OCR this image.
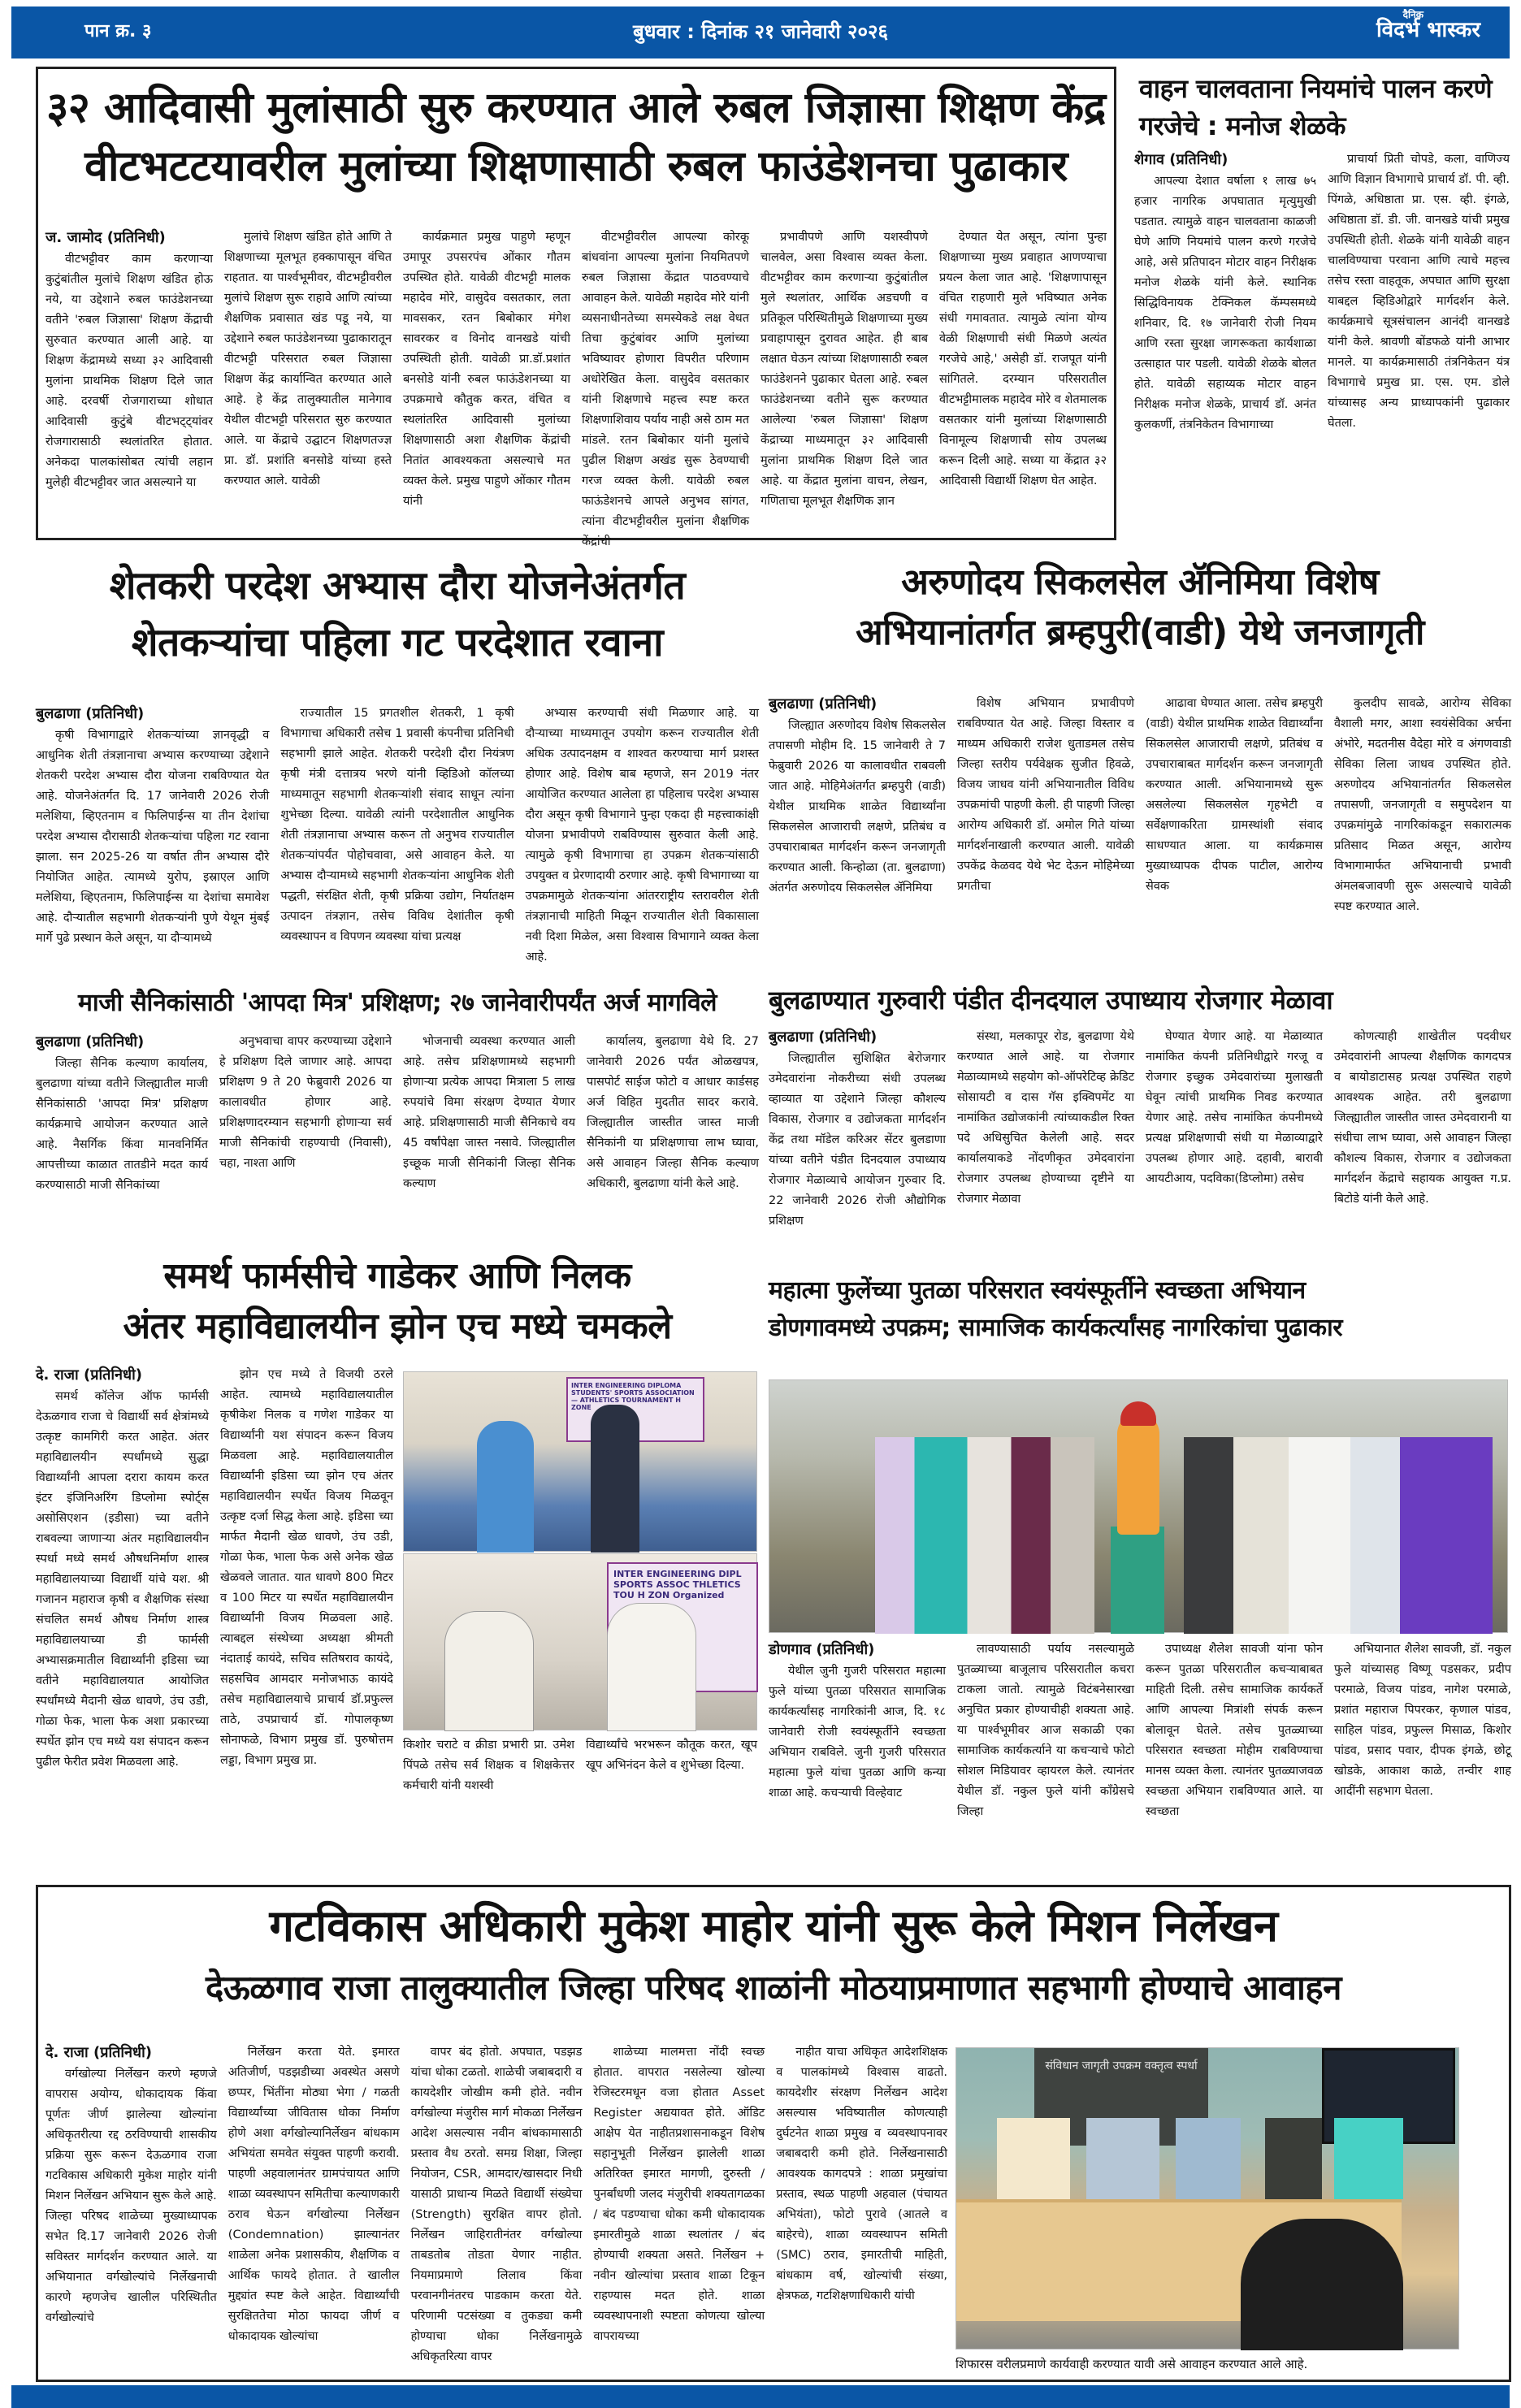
पान क्र. ३	बुधवार : दिनांक २१ जानेवारी २०२६
दैनिक
विदर्भ भास्कर
३२ आदिवासी मुलांसाठी सुरु करण्यात आले रुबल जिज्ञासा शिक्षण केंद्र
वीटभटटयावरील मुलांच्या शिक्षणासाठी रुबल फाउंडेशनचा पुढाकार
ज. जामोद (प्रतिनिधी)

वीटभट्टीवर काम करणाऱ्या कुटुंबांतील मुलांचे शिक्षण खंडित होऊ नये, या उद्देशाने रुबल फाउंडेशनच्या वतीने 'रुबल जिज्ञासा' शिक्षण केंद्राची सुरुवात करण्यात आली आहे. या शिक्षण केंद्रामध्ये सध्या ३२ आदिवासी मुलांना प्राथमिक शिक्षण दिले जात आहे. दरवर्षी रोजगाराच्या शोधात आदिवासी कुटुंबे वीटभट्ट्यांवर रोजगारासाठी स्थलांतरित होतात. अनेकदा पालकांसोबत त्यांची लहान मुलेही वीटभट्टीवर जात असल्याने या

मुलांचे शिक्षण खंडित होते आणि ते शिक्षणाच्या मूलभूत हक्कापासून वंचित राहतात. या पार्श्वभूमीवर, वीटभट्टीवरील मुलांचे शिक्षण सुरू राहावे आणि त्यांच्या शैक्षणिक प्रवासात खंड पडू नये, या उद्देशाने रुबल फाउंडेशनच्या पुढाकारातून वीटभट्टी परिसरात रुबल जिज्ञासा शिक्षण केंद्र कार्यान्वित करण्यात आले आहे. हे केंद्र तालुक्यातील मानेगाव येथील वीटभट्टी परिसरात सुरु करण्यात आले. या केंद्राचे उद्घाटन शिक्षणतज्ज्ञ प्रा. डॉ. प्रशांति बनसोडे यांच्या हस्ते करण्यात आले. यावेळी

कार्यक्रमात प्रमुख पाहुणे म्हणून उमापूर उपसरपंच ओंकार गौतम उपस्थित होते. यावेळी वीटभट्टी मालक महादेव मोरे, वासुदेव वसतकार, लता मावसकर, रतन बिबोकार मंगेश सावरकर व विनोद वानखडे यांची उपस्थिती होती. यावेळी प्रा.डॉ.प्रशांत बनसोडे यांनी रुबल फाऊंडेशनच्या या उपक्रमाचे कौतुक करत, वंचित व स्थलांतरित आदिवासी मुलांच्या शिक्षणासाठी अशा शैक्षणिक केंद्रांची नितांत आवश्यकता असल्याचे मत व्यक्त केले. प्रमुख पाहुणे ओंकार गौतम यांनी

वीटभट्टीवरील आपल्या कोरकू बांधवांना आपल्या मुलांना नियमितपणे रुबल जिज्ञासा केंद्रात पाठवण्याचे आवाहन केले. यावेळी महादेव मोरे यांनी व्यसनाधीनतेच्या समस्येकडे लक्ष वेधत तिचा कुटुंबांवर आणि मुलांच्या भविष्यावर होणारा विपरीत परिणाम अधोरेखित केला. वासुदेव वसतकार यांनी शिक्षणाचे महत्त्व स्पष्ट करत शिक्षणाशिवाय पर्याय नाही असे ठाम मत मांडले. रतन बिबोकार यांनी मुलांचे पुढील शिक्षण अखंड सुरू ठेवण्याची गरज व्यक्त केली. यावेळी रुबल फाऊंडेशनचे आपले अनुभव सांगत, त्यांना वीटभट्टीवरील मुलांना शैक्षणिक केंद्रांची

प्रभावीपणे आणि यशस्वीपणे चालवेल, असा विश्वास व्यक्त केला. वीटभट्टीवर काम करणाऱ्या कुटुंबांतील मुले स्थलांतर, आर्थिक अडचणी व प्रतिकूल परिस्थितीमुळे शिक्षणाच्या मुख्य प्रवाहापासून दुरावत आहेत. ही बाब लक्षात घेऊन त्यांच्या शिक्षणासाठी रुबल फाउंडेशनने पुढाकार घेतला आहे. रुबल फाउंडेशनच्या वतीने सुरू करण्यात आलेल्या 'रुबल जिज्ञासा' शिक्षण केंद्राच्या माध्यमातून ३२ आदिवासी मुलांना प्राथमिक शिक्षण दिले जात आहे. या केंद्रात मुलांना वाचन, लेखन, गणिताचा मूलभूत शैक्षणिक ज्ञान

देण्यात येत असून, त्यांना पुन्हा शिक्षणाच्या मुख्य प्रवाहात आणण्याचा प्रयत्न केला जात आहे. 'शिक्षणापासून वंचित राहणारी मुले भविष्यात अनेक संधी गमावतात. त्यामुळे त्यांना योग्य वेळी शिक्षणाची संधी मिळणे अत्यंत गरजेचे आहे,' असेही डॉ. राजपूत यांनी सांगितले. दरम्यान परिसरातील वीटभट्टीमालक महादेव मोरे व शेतमालक वसतकार यांनी मुलांच्या शिक्षणासाठी विनामूल्य शिक्षणाची सोय उपलब्ध करून दिली आहे. सध्या या केंद्रात ३२ आदिवासी विद्यार्थी शिक्षण घेत आहेत.

वाहन चालवताना नियमांचे पालन करणे गरजेचे : मनोज शेळके
शेगाव (प्रतिनिधी)

आपल्या देशात वर्षाला १ लाख ७५ हजार नागरिक अपघातात मृत्युमुखी पडतात. त्यामुळे वाहन चालवताना काळजी घेणे आणि नियमांचे पालन करणे गरजेचे आहे, असे प्रतिपादन मोटार वाहन निरीक्षक मनोज शेळके यांनी केले. स्थानिक सिद्धिविनायक टेक्निकल कॅम्पसमध्ये शनिवार, दि. १७ जानेवारी रोजी नियम आणि रस्ता सुरक्षा जागरूकता कार्यशाळा उत्साहात पार पडली. यावेळी शेळके बोलत होते. यावेळी सहाय्यक मोटार वाहन निरीक्षक मनोज शेळके, प्राचार्य डॉ. अनंत कुलकर्णी, तंत्रनिकेतन विभागाच्या

प्राचार्या प्रिती चोपडे, कला, वाणिज्य आणि विज्ञान विभागाचे प्राचार्य डॉ. पी. व्ही. पिंगळे, अधिष्ठाता प्रा. एस. व्ही. इंगळे, अधिष्ठाता डॉ. डी. जी. वानखडे यांची प्रमुख उपस्थिती होती. शेळके यांनी यावेळी वाहन चालविण्याचा परवाना आणि त्याचे महत्त्व तसेच रस्ता वाहतूक, अपघात आणि सुरक्षा याबद्दल व्हिडिओद्वारे मार्गदर्शन केले. कार्यक्रमाचे सूत्रसंचालन आनंदी वानखडे यांनी केले. श्रावणी बोंडफळे यांनी आभार मानले. या कार्यक्रमासाठी तंत्रनिकेतन यंत्र विभागाचे प्रमुख प्रा. एस. एम. डोले यांच्यासह अन्य प्राध्यापकांनी पुढाकार घेतला.

शेतकरी परदेश अभ्यास दौरा योजनेअंतर्गत
शेतकऱ्यांचा पहिला गट परदेशात रवाना
बुलढाणा (प्रतिनिधी)

कृषी विभागाद्वारे शेतकऱ्यांच्या ज्ञानवृद्धी व आधुनिक शेती तंत्रज्ञानाचा अभ्यास करण्याच्या उद्देशाने शेतकरी परदेश अभ्यास दौरा योजना राबविण्यात येत आहे. योजनेअंतर्गत दि. 17 जानेवारी 2026 रोजी मलेशिया, व्हिएतनाम व फिलिपाईन्स या तीन देशांचा परदेश अभ्यास दौरासाठी शेतकऱ्यांचा पहिला गट रवाना झाला. सन 2025-26 या वर्षात तीन अभ्यास दौरे नियोजित आहेत. त्यामध्ये युरोप, इस्राएल आणि मलेशिया, व्हिएतनाम, फिलिपाईन्स या देशांचा समावेश आहे. दौऱ्यातील सहभागी शेतकऱ्यांनी पुणे येथून मुंबई मार्गे पुढे प्रस्थान केले असून, या दौऱ्यामध्ये

राज्यातील 15 प्रगतशील शेतकरी, 1 कृषी विभागाचा अधिकारी तसेच 1 प्रवासी कंपनीचा प्रतिनिधी सहभागी झाले आहेत. शेतकरी परदेशी दौरा नियंत्रण कृषी मंत्री दत्तात्रय भरणे यांनी व्हिडिओ कॉलच्या माध्यमातून सहभागी शेतकऱ्यांशी संवाद साधून त्यांना शुभेच्छा दिल्या. यावेळी त्यांनी परदेशातील आधुनिक शेती तंत्रज्ञानाचा अभ्यास करून तो अनुभव राज्यातील शेतकऱ्यांपर्यंत पोहोचवावा, असे आवाहन केले. या अभ्यास दौऱ्यामध्ये सहभागी शेतकऱ्यांना आधुनिक शेती पद्धती, संरक्षित शेती, कृषी प्रक्रिया उद्योग, निर्यातक्षम उत्पादन तंत्रज्ञान, तसेच विविध देशांतील कृषी व्यवस्थापन व विपणन व्यवस्था यांचा प्रत्यक्ष

अभ्यास करण्याची संधी मिळणार आहे. या दौऱ्याच्या माध्यमातून उपयोग करून राज्यातील शेती अधिक उत्पादनक्षम व शाश्वत करण्याचा मार्ग प्रशस्त होणार आहे. विशेष बाब म्हणजे, सन 2019 नंतर आयोजित करण्यात आलेला हा पहिलाच परदेश अभ्यास दौरा असून कृषी विभागाने पुन्हा एकदा ही महत्त्वाकांक्षी योजना प्रभावीपणे राबविण्यास सुरुवात केली आहे. त्यामुळे कृषी विभागाचा हा उपक्रम शेतकऱ्यांसाठी उपयुक्त व प्रेरणादायी ठरणार आहे. कृषी विभागाच्या या उपक्रमामुळे शेतकऱ्यांना आंतरराष्ट्रीय स्तरावरील शेती तंत्रज्ञानाची माहिती मिळून राज्यातील शेती विकासाला नवी दिशा मिळेल, असा विश्वास विभागाने व्यक्त केला आहे.

माजी सैनिकांसाठी 'आपदा मित्र' प्रशिक्षण; २७ जानेवारीपर्यंत अर्ज मागविले
बुलढाणा (प्रतिनिधी)

जिल्हा सैनिक कल्याण कार्यालय, बुलढाणा यांच्या वतीने जिल्ह्यातील माजी सैनिकांसाठी 'आपदा मित्र' प्रशिक्षण कार्यक्रमाचे आयोजन करण्यात आले आहे. नैसर्गिक किंवा मानवनिर्मित आपत्तीच्या काळात तातडीने मदत कार्य करण्यासाठी माजी सैनिकांच्या

अनुभवाचा वापर करण्याच्या उद्देशाने हे प्रशिक्षण दिले जाणार आहे. आपदा प्रशिक्षण 9 ते 20 फेब्रुवारी 2026 या कालावधीत होणार आहे. प्रशिक्षणादरम्यान सहभागी होणाऱ्या सर्व माजी सैनिकांची राहण्याची (निवासी), चहा, नाश्ता आणि

भोजनाची व्यवस्था करण्यात आली आहे. तसेच प्रशिक्षणामध्ये सहभागी होणाऱ्या प्रत्येक आपदा मित्राला 5 लाख रुपयांचे विमा संरक्षण देण्यात येणार आहे. प्रशिक्षणासाठी माजी सैनिकाचे वय 45 वर्षांपेक्षा जास्त नसावे. जिल्ह्यातील इच्छूक माजी सैनिकांनी जिल्हा सैनिक कल्याण

कार्यालय, बुलढाणा येथे दि. 27 जानेवारी 2026 पर्यंत ओळखपत्र, पासपोर्ट साईज फोटो व आधार कार्डसह अर्ज विहित मुदतीत सादर करावे. जिल्ह्यातील जास्तीत जास्त माजी सैनिकांनी या प्रशिक्षणाचा लाभ घ्यावा, असे आवाहन जिल्हा सैनिक कल्याण अधिकारी, बुलढाणा यांनी केले आहे.

अरुणोदय सिकलसेल ॲनिमिया विशेष
अभियानांतर्गत ब्रम्हपुरी(वाडी) येथे जनजागृती
बुलढाणा (प्रतिनिधी)

जिल्ह्यात अरुणोदय विशेष सिकलसेल तपासणी मोहीम दि. 15 जानेवारी ते 7 फेब्रुवारी 2026 या कालावधीत राबवली जात आहे. मोहिमेअंतर्गत ब्रम्हपुरी (वाडी) येथील प्राथमिक शाळेत विद्यार्थ्यांना सिकलसेल आजाराची लक्षणे, प्रतिबंध व उपचाराबाबत मार्गदर्शन करून जनजागृती करण्यात आली. किन्होळा (ता. बुलढाणा) अंतर्गत अरुणोदय सिकलसेल ॲनिमिया

विशेष अभियान प्रभावीपणे राबविण्यात येत आहे. जिल्हा विस्तार व माध्यम अधिकारी राजेश धुताडमल तसेच जिल्हा स्तरीय पर्यवेक्षक सुजीत हिवळे, विजय जाधव यांनी अभियानातील विविध उपक्रमांची पाहणी केली. ही पाहणी जिल्हा आरोग्य अधिकारी डॉ. अमोल गिते यांच्या मार्गदर्शनाखाली करण्यात आली. यावेळी उपकेंद्र केळवद येथे भेट देऊन मोहिमेच्या प्रगतीचा

आढावा घेण्यात आला. तसेच ब्रम्हपुरी (वाडी) येथील प्राथमिक शाळेत विद्यार्थ्यांना सिकलसेल आजाराची लक्षणे, प्रतिबंध व उपचाराबाबत मार्गदर्शन करून जनजागृती करण्यात आली. अभियानामध्ये सुरू असलेल्या सिकलसेल गृहभेटी व सर्वेक्षणाकरिता ग्रामस्थांशी संवाद साधण्यात आला. या कार्यक्रमास मुख्याध्यापक दीपक पाटील, आरोग्य सेवक

कुलदीप सावळे, आरोग्य सेविका वैशाली मगर, आशा स्वयंसेविका अर्चना अंभोरे, मदतनीस वैदेहा मोरे व अंगणवाडी सेविका लिला जाधव उपस्थित होते. अरुणोदय अभियानांतर्गत सिकलसेल तपासणी, जनजागृती व समुपदेशन या उपक्रमांमुळे नागरिकांकडून सकारात्मक प्रतिसाद मिळत असून, आरोग्य विभागामार्फत अभियानाची प्रभावी अंमलबजावणी सुरू असल्याचे यावेळी स्पष्ट करण्यात आले.

बुलढाण्यात गुरुवारी पंडीत दीनदयाल उपाध्याय रोजगार मेळावा
बुलढाणा (प्रतिनिधी)

जिल्ह्यातील सुशिक्षित बेरोजगार उमेदवारांना नोकरीच्या संधी उपलब्ध व्हाव्यात या उद्देशाने जिल्हा कौशल्य विकास, रोजगार व उद्योजकता मार्गदर्शन केंद्र तथा मॉडेल करिअर सेंटर बुलडाणा यांच्या वतीने पंडीत दिनदयाल उपाध्याय रोजगार मेळाव्याचे आयोजन गुरुवार दि. 22 जानेवारी 2026 रोजी औद्योगिक प्रशिक्षण

संस्था, मलकापूर रोड, बुलढाणा येथे करण्यात आले आहे. या रोजगार मेळाव्यामध्ये सहयोग को-ऑपरेटिव्ह क्रेडिट सोसायटी व दास गॅस इक्विपमेंट या नामांकित उद्योजकांनी त्यांच्याकडील रिक्त पदे अधिसुचित केलेली आहे. सदर कार्यालयाकडे नोंदणीकृत उमेदवारांना रोजगार उपलब्ध होण्याच्या दृष्टीने या रोजगार मेळावा

घेण्यात येणार आहे. या मेळाव्यात नामांकित कंपनी प्रतिनिधीद्वारे गरजू व रोजगार इच्छुक उमेदवारांच्या मुलाखती घेवून त्यांची प्राथमिक निवड करण्यात येणार आहे. तसेच नामांकित कंपनीमध्ये प्रत्यक्ष प्रशिक्षणाची संधी या मेळाव्याद्वारे उपलब्ध होणार आहे. दहावी, बारावी आयटीआय, पदविका(डिप्लोमा) तसेच

कोणत्याही शाखेतील पदवीधर उमेदवारांनी आपल्या शैक्षणिक कागदपत्र व बायोडाटासह प्रत्यक्ष उपस्थित राहणे आवश्यक आहेत. तरी बुलढाणा जिल्ह्यातील जास्तीत जास्त उमेदवारानी या संधीचा लाभ घ्यावा, असे आवाहन जिल्हा कौशल्य विकास, रोजगार व उद्योजकता मार्गदर्शन केंद्राचे सहायक आयुक्त ग.प्र. बिटोडे यांनी केले आहे.

समर्थ फार्मसीचे गाडेकर आणि निलक
अंतर महाविद्यालयीन झोन एच मध्ये चमकले
दे. राजा (प्रतिनिधी)

समर्थ कॉलेज ऑफ फार्मसी देऊळगाव राजा चे विद्यार्थी सर्व क्षेत्रांमध्ये उत्कृष्ट कामगिरी करत आहेत. अंतर महाविद्यालयीन स्पर्धांमध्ये सुद्धा विद्यार्थ्यांनी आपला दरारा कायम करत इंटर इंजिनिअरिंग डिप्लोमा स्पोर्ट्स असोसिएशन (इडीसा) च्या वतीने राबवल्या जाणाऱ्या अंतर महाविद्यालयीन स्पर्धा मध्ये समर्थ औषधनिर्माण शास्त्र महाविद्यालयाच्या विद्यार्थी यांचे यश. श्री गजानन महाराज कृषी व शैक्षणिक संस्था संचलित समर्थ औषध निर्माण शास्त्र महाविद्यालयाच्या डी फार्मसी अभ्यासक्रमातील विद्यार्थ्यांनी इडिसा च्या वतीने महाविद्यालयात आयोजित स्पर्धांमध्ये मैदानी खेळ धावणे, उंच उडी, गोळा फेक, भाला फेक अशा प्रकारच्या स्पर्धेत झोन एच मध्ये यश संपादन करून पुढील फेरीत प्रवेश मिळवला आहे.

झोन एच मध्ये ते विजयी ठरले आहेत. त्यामध्ये महाविद्यालयातील कृषीकेश निलक व गणेश गाडेकर या विद्यार्थ्यांनी यश संपादन करून विजय मिळवला आहे. महाविद्यालयातील विद्यार्थ्यांनी इडिसा च्या झोन एच अंतर महाविद्यालयीन स्पर्धेत विजय मिळवून उत्कृष्ट दर्जा सिद्ध केला आहे. इडिसा च्या मार्फत मैदानी खेळ धावणे, उंच उडी, गोळा फेक, भाला फेक असे अनेक खेळ खेळवले जातात. यात धावणे 800 मिटर व 100 मिटर या स्पर्धेत महाविद्यालयीन विद्यार्थ्यांनी विजय मिळवला आहे. त्याबद्दल संस्थेच्या अध्यक्षा श्रीमती नंदाताई कायंदे, सचिव सतिषराव कायंदे, सहसचिव आमदार मनोजभाऊ कायंदे तसेच महाविद्यालयाचे प्राचार्य डॉ.प्रफुल्ल ताठे, उपप्राचार्य डॉ. गोपालकृष्ण सोनाफळे, विभाग प्रमुख डॉ. पुरुषोत्तम लड्डा, विभाग प्रमुख प्रा.

INTER ENGINEERING DIPLOMA STUDENTS' SPORTS ASSOCIATION — ATHLETICS TOURNAMENT H ZONE
INTER ENGINEERING DIPL SPORTS ASSOC THLETICS TOU H ZON Organized
किशोर चराटे व क्रीडा प्रभारी प्रा. उमेश पिंपळे तसेच सर्व शिक्षक व शिक्षकेत्तर कर्मचारी यांनी यशस्वी
विद्यार्थ्यांचे भरभरून कौतूक करत, खूप खूप अभिनंदन केले व शुभेच्छा दिल्या.
महात्मा फुलेंच्या पुतळा परिसरात स्वयंस्फूर्तीने स्वच्छता अभियान
डोणगावमध्ये उपक्रम; सामाजिक कार्यकर्त्यांसह नागरिकांचा पुढाकार
डोणगाव (प्रतिनिधी)

येथील जुनी गुजरी परिसरात महात्मा फुले यांच्या पुतळा परिसरात सामाजिक कार्यकर्त्यांसह नागरिकांनी आज, दि. १८ जानेवारी रोजी स्वयंस्फूर्तीने स्वच्छता अभियान राबविले. जुनी गुजरी परिसरात महात्मा फुले यांचा पुतळा आणि कन्या शाळा आहे. कचऱ्याची विल्हेवाट

लावण्यासाठी पर्याय नसल्यामुळे पुतळ्याच्या बाजूलाच परिसरातील कचरा टाकला जातो. त्यामुळे विटंबनेसारखा अनुचित प्रकार होण्याचीही शक्यता आहे. या पार्श्वभूमीवर आज सकाळी एका सामाजिक कार्यकर्त्याने या कचऱ्याचे फोटो सोशल मिडियावर व्हायरल केले. त्यानंतर येथील डॉ. नकुल फुले यांनी कॉंग्रेसचे जिल्हा

उपाध्यक्ष शैलेश सावजी यांना फोन करून पुतळा परिसरातील कचऱ्याबाबत माहिती दिली. तसेच सामाजिक कार्यकर्ते आणि आपल्या मित्रांशी संपर्क करून बोलावून घेतले. तसेच पुतळ्याच्या परिसरात स्वच्छता मोहीम राबविण्याचा मानस व्यक्त केला. त्यानंतर पुतळ्याजवळ स्वच्छता अभियान राबविण्यात आले. या स्वच्छता

अभियानात शैलेश सावजी, डॉ. नकुल फुले यांच्यासह विष्णू पडसकर, प्रदीप परमाळे, विजय पांडव, नागेश परमाळे, प्रशांत महाराज पिपरकर, कृणाल पांडव, साहिल पांडव, प्रफुल्ल मिसाळ, किशोर पांडव, प्रसाद पवार, दीपक इंगळे, छोटू खोडके, आकाश काळे, तन्वीर शाह आदींनी सहभाग घेतला.

गटविकास अधिकारी मुकेश माहोर यांनी सुरू केले मिशन निर्लेखन
देऊळगाव राजा तालुक्यातील जिल्हा परिषद शाळांनी मोठयाप्रमाणात सहभागी होण्याचे आवाहन
दे. राजा (प्रतिनिधी)

वर्गखोल्या निर्लेखन करणे म्हणजे वापरास अयोग्य, धोकादायक किंवा पूर्णतः जीर्ण झालेल्या खोल्यांना अधिकृतरीत्या रद्द ठरविण्याची शासकीय प्रक्रिया सुरू करून देऊळगाव राजा गटविकास अधिकारी मुकेश माहोर यांनी मिशन निर्लेखन अभियान सुरू केले आहे. जिल्हा परिषद शाळेच्या मुख्याध्यापक सभेत दि.17 जानेवारी 2026 रोजी सविस्तर मार्गदर्शन करण्यात आले. या अभियानात वर्गखोल्यांचे निर्लेखनाची कारणे म्हणजेच खालील परिस्थितीत वर्गखोल्यांचे

निर्लेखन करता येते. इमारत अतिजीर्ण, पडझडीच्या अवस्थेत असणे छप्पर, भिंतींना मोठ्या भेगा / गळती विद्यार्थ्यांच्या जीवितास धोका निर्माण होणे अशा वर्गखोल्यानिर्लेखन बांधकाम अभियंता समवेत संयुक्त पाहणी करावी. पाहणी अहवालानंतर ग्रामपंचायत आणि शाळा व्यवस्थापन समितीचा कल्याणकारी ठराव घेऊन वर्गखोल्या निर्लेखन (Condemnation) झाल्यानंतर शाळेला अनेक प्रशासकीय, शैक्षणिक व आर्थिक फायदे होतात. ते खालील मुद्द्यांत स्पष्ट केले आहेत. विद्यार्थ्यांची सुरक्षिततेचा मोठा फायदा जीर्ण व धोकादायक खोल्यांचा

वापर बंद होतो. अपघात, पडझड यांचा धोका टळतो. शाळेची जबाबदारी व कायदेशीर जोखीम कमी होते. नवीन वर्गखोल्या मंजुरीस मार्ग मोकळा निर्लेखन आदेश असल्यास नवीन बांधकामासाठी प्रस्ताव वैध ठरतो. समग्र शिक्षा, जिल्हा नियोजन, CSR, आमदार/खासदार निधी यासाठी प्राधान्य मिळते विद्यार्थी संख्येचा (Strength) सुरक्षित वापर होतो. निर्लेखन जाहिरातीनंतर वर्गखोल्या ताबडतोब तोडता येणार नाहीत. नियमाप्रमाणे लिलाव किंवा परवानगीनंतरच पाडकाम करता येते. परिणामी पटसंख्या व तुकड्या कमी होण्याचा धोका निर्लेखनामुळे अधिकृतरित्या वापर

शाळेच्या मालमत्ता नोंदी स्वच्छ होतात. वापरात नसलेल्या खोल्या रेजिस्टरमधून वजा होतात Asset Register अद्ययावत होते. ऑडिट आक्षेप येत नाहीतप्रशासनाकडून विशेष सहानुभूती निर्लेखन झालेली शाळा अतिरिक्त इमारत मागणी, दुरुस्ती / पुनर्बांधणी जलद मंजुरीची शक्यतागळका / बंद पडण्याचा धोका कमी धोकादायक इमारतीमुळे शाळा स्थलांतर / बंद होण्याची शक्यता असते. निर्लेखन + नवीन खोल्यांचा प्रस्ताव शाळा टिकून राहण्यास मदत होते. शाळा व्यवस्थापनाशी स्पष्टता कोणत्या खोल्या वापरायच्या

नाहीत याचा अधिकृत आदेशशिक्षक व पालकांमध्ये विश्वास वाढतो. कायदेशीर संरक्षण निर्लेखन आदेश असल्यास भविष्यातील कोणत्याही दुर्घटनेत शाळा प्रमुख व व्यवस्थापनावर जबाबदारी कमी होते. निर्लेखनासाठी आवश्यक कागदपत्रे : शाळा प्रमुखांचा प्रस्ताव, स्थळ पाहणी अहवाल (पंचायत अभियंता), फोटो पुरावे (आतले व बाहेरचे), शाळा व्यवस्थापन समिती (SMC) ठराव, इमारतीची माहिती, बांधकाम वर्ष, खोल्यांची संख्या, क्षेत्रफळ, गटशिक्षणाधिकारी यांची

संविधान जागृती उपक्रम वक्तृत्व स्पर्धा
शिफारस वरीलप्रमाणे कार्यवाही करण्यात यावी असे आवाहन करण्यात आले आहे.
